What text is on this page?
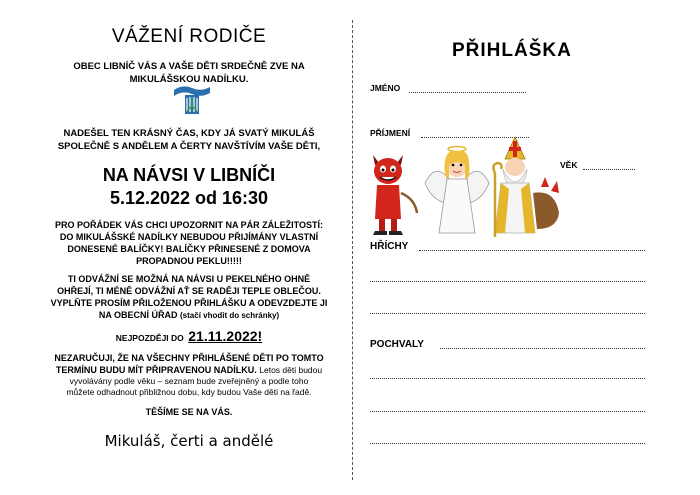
VÁŽENÍ RODIČE
OBEC LIBNÍČ VÁS A VAŠE DĚTI SRDEČNĚ ZVE NA
MIKULÁŠSKOU NADÍLKU.
NADEŠEL TEN KRÁSNÝ ČAS, KDY JÁ SVATÝ MIKULÁŠ
SPOLEČNĚ S ANDĚLEM A ČERTY NAVŠTÍVÍM VAŠE DĚTI,
NA NÁVSI V LIBNÍČI
5.12.2022 od 16:30
PRO POŘÁDEK VÁS CHCI UPOZORNIT NA PÁR ZÁLEŽITOSTÍ:
DO MIKULÁŠSKÉ NADÍLKY NEBUDOU PŘIJÍMÁNY VLASTNÍ
DONESENÉ BALÍČKY! BALÍČKY PŘINESENÉ Z DOMOVA
PROPADNOU PEKLU!!!!!
TI ODVÁŽNÍ SE MOŽNÁ NA NÁVSI U PEKELNÉHO OHNĚ
OHŘEJÍ, TI MÉNĚ ODVÁŽNÍ AŤ SE RADĚJI TEPLE OBLEČOU.
VYPLŇTE PROSÍM PŘILOŽENOU PŘIHLÁŠKU A ODEVZDEJTE JI
NA OBECNÍ ÚŘAD (stačí vhodit do schránky)
NEJPOZDĚJI DO 21.11.2022!
NEZARUČUJI, ŽE NA VŠECHNY PŘIHLÁŠENÉ DĚTI PO TOMTO
TERMÍNU BUDU MÍT PŘIPRAVENOU NADÍLKU. Letos děti budou
vyvolávány podle věku – seznam bude zveřejněný a podle toho
můžete odhadnout přibližnou dobu, kdy budou Vaše děti na řadě.
TĚŠÍME SE NA VÁS.
Mikuláš, čerti a andělé
PŘIHLÁŠKA
JMÉNO
PŘÍJMENÍ
VĚK
HŘÍCHY
POCHVALY
